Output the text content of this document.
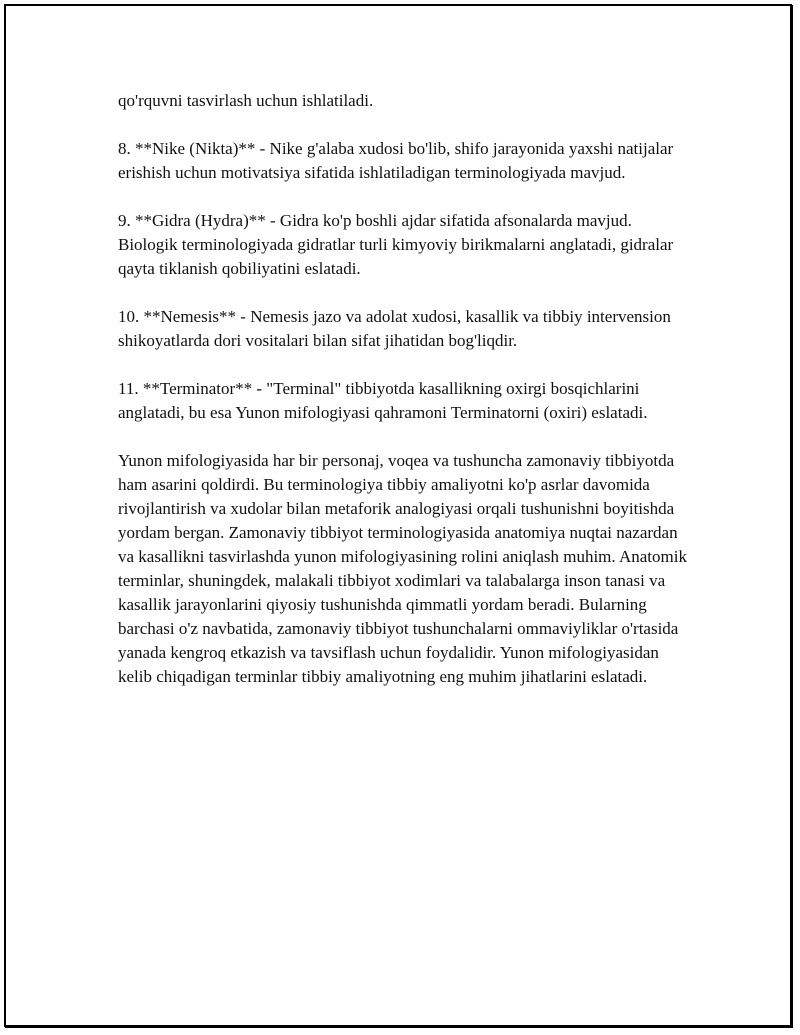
qo'rquvni tasvirlash uchun ishlatiladi.

8. **Nike (Nikta)** - Nike g'alaba xudosi bo'lib, shifo jarayonida yaxshi natijalar erishish uchun motivatsiya sifatida ishlatiladigan terminologiyada mavjud.

9. **Gidra (Hydra)** - Gidra ko'p boshli ajdar sifatida afsonalarda mavjud. Biologik terminologiyada gidratlar turli kimyoviy birikmalarni anglatadi, gidralar qayta tiklanish qobiliyatini eslatadi.

10. **Nemesis** - Nemesis jazo va adolat xudosi, kasallik va tibbiy intervension shikoyatlarda dori vositalari bilan sifat jihatidan bog'liqdir.

11. **Terminator** - "Terminal" tibbiyotda kasallikning oxirgi bosqichlarini anglatadi, bu esa Yunon mifologiyasi qahramoni Terminatorni (oxiri) eslatadi.

Yunon mifologiyasida har bir personaj, voqea va tushuncha zamonaviy tibbiyotda ham asarini qoldirdi. Bu terminologiya tibbiy amaliyotni ko'p asrlar davomida rivojlantirish va xudolar bilan metaforik analogiyasi orqali tushunishni boyitishda yordam bergan. Zamonaviy tibbiyot terminologiyasida anatomiya nuqtai nazardan va kasallikni tasvirlashda yunon mifologiyasining rolini aniqlash muhim. Anatomik terminlar, shuningdek, malakali tibbiyot xodimlari va talabalarga inson tanasi va kasallik jarayonlarini qiyosiy tushunishda qimmatli yordam beradi. Bularning barchasi o'z navbatida, zamonaviy tibbiyot tushunchalarni ommaviyliklar o'rtasida yanada kengroq etkazish va tavsiflash uchun foydalidir. Yunon mifologiyasidan kelib chiqadigan terminlar tibbiy amaliyotning eng muhim jihatlarini eslatadi.
